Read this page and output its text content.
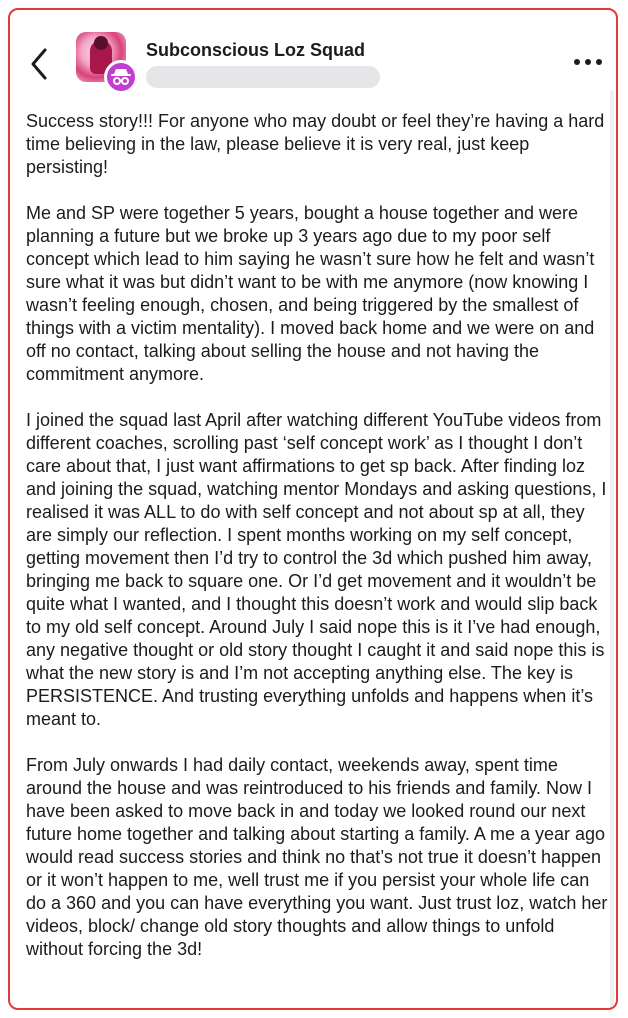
Subconscious Loz Squad

Success story!!! For anyone who may doubt or feel they’re having a hard time believing in the law, please believe it is very real, just keep persisting!

Me and SP were together 5 years, bought a house together and were planning a future but we broke up 3 years ago due to my poor self concept which lead to him saying he wasn’t sure how he felt and wasn’t sure what it was but didn’t want to be with me anymore (now knowing I wasn’t feeling enough, chosen, and being triggered by the smallest of things with a victim mentality). I moved back home and we were on and off no contact, talking about selling the house and not having the commitment anymore.

I joined the squad last April after watching different YouTube videos from different coaches, scrolling past ‘self concept work’ as I thought I don’t care about that, I just want affirmations to get sp back. After finding loz and joining the squad, watching mentor Mondays and asking questions, I realised it was ALL to do with self concept and not about sp at all, they are simply our reflection. I spent months working on my self concept, getting movement then I’d try to control the 3d which pushed him away, bringing me back to square one. Or I’d get movement and it wouldn’t be quite what I wanted, and I thought this doesn’t work and would slip back to my old self concept. Around July I said nope this is it I’ve had enough, any negative thought or old story thought I caught it and said nope this is what the new story is and I’m not accepting anything else. The key is PERSISTENCE. And trusting everything unfolds and happens when it’s meant to.

From July onwards I had daily contact, weekends away, spent time around the house and was reintroduced to his friends and family. Now I have been asked to move back in and today we looked round our next future home together and talking about starting a family. A me a year ago would read success stories and think no that’s not true it doesn’t happen or it won’t happen to me, well trust me if you persist your whole life can do a 360 and you can have everything you want. Just trust loz, watch her videos, block/ change old story thoughts and allow things to unfold without forcing the 3d!
